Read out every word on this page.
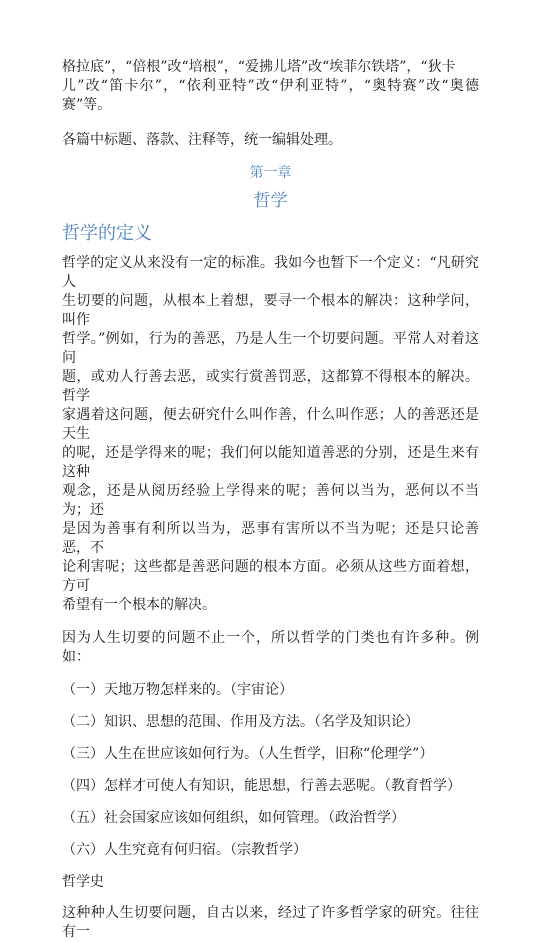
格拉底”，“倍根”改“培根”，“爱拂儿塔”改“埃菲尔铁塔”，“狄卡
儿”改“笛卡尔”，“依利亚特”改“伊利亚特”，“奥特赛”改“奥德赛”等。

各篇中标题、落款、注释等，统一编辑处理。

第一章
哲学
哲学的定义

哲学的定义从来没有一定的标准。我如今也暂下一个定义：“凡研究人
生切要的问题，从根本上着想，要寻一个根本的解决：这种学问，叫作
哲学。”例如，行为的善恶，乃是人生一个切要问题。平常人对着这问
题，或劝人行善去恶，或实行赏善罚恶，这都算不得根本的解决。哲学
家遇着这问题，便去研究什么叫作善，什么叫作恶；人的善恶还是天生
的呢，还是学得来的呢；我们何以能知道善恶的分别，还是生来有这种
观念，还是从阅历经验上学得来的呢；善何以当为，恶何以不当为；还
是因为善事有利所以当为，恶事有害所以不当为呢；还是只论善恶，不
论利害呢；这些都是善恶问题的根本方面。必须从这些方面着想，方可
希望有一个根本的解决。

因为人生切要的问题不止一个，所以哲学的门类也有许多种。例如：

（一）天地万物怎样来的。（宇宙论）
（二）知识、思想的范围、作用及方法。（名学及知识论）
（三）人生在世应该如何行为。（人生哲学，旧称“伦理学”）
（四）怎样才可使人有知识，能思想，行善去恶呢。（教育哲学）
（五）社会国家应该如何组织，如何管理。（政治哲学）
（六）人生究竟有何归宿。（宗教哲学）

哲学史

这种种人生切要问题，自古以来，经过了许多哲学家的研究。往往有一
